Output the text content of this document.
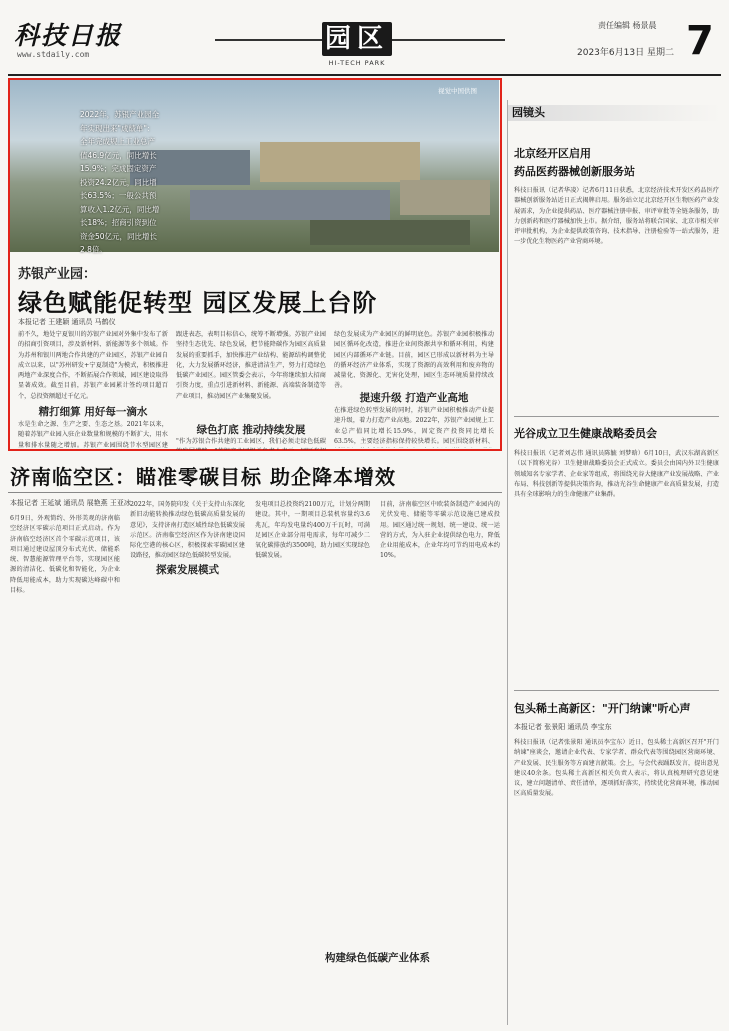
科技日报
www.stdaily.com
园区
HI-TECH PARK
责任编辑 杨景晨
2023年6月13日 星期二 7
视觉中国供图
2022年，苏银产业园全年实现出来"成绩单"：全年完成规上工业总产值46.9亿元，同比增长15.9%；完成固定资产投资24.2亿元，同比增长63.5%；一般公共预算收入1.2亿元，同比增长18%；招商引资到位资金50亿元，同比增长2.8倍。
苏银产业园：
绿色赋能促转型 园区发展上台阶
本报记者 王建颖 通讯员 马鹤仪
前不久，地处宁夏银川的苏银产业园对外集中发布了新的招商引资项目，涉及新材料、新能源等多个领域。作为苏州和银川两地合作共建的产业园区，苏银产业园自成立以来，以"苏州研发+宁夏制造"为模式，积极推进两地产业深度合作，不断拓展合作领域，园区建设取得显著成效。截至目前，苏银产业园累计签约项目超百个，总投资额超过千亿元。
精打细算 用好每一滴水
水是生命之源、生产之要、生态之基。2021年以来，随着苏银产业园入驻企业数量和规模的不断扩大，用水量和排水量随之增加。苏银产业园围绕节水型园区建
跟进表态，表明目标信心，统筹不断增强。苏银产业园坚持生态优先、绿色发展，把节能降碳作为园区高质量发展的重要抓手，加快推进产业结构、能源结构调整优化，大力发展循环经济，推进清洁生产，努力打造绿色低碳产业园区。园区管委会表示，今年将继续加大招商引资力度，重点引进新材料、新能源、高端装备制造等产业项目，推动园区产业集聚发展。
绿色打底 推动持续发展
"作为苏银合作共建的工业园区，我们必须走绿色低碳
绿色发展成为产业园区的鲜明底色。苏银产业园积极推动园区循环化改造，推进企业间资源共享和循环利用，构建园区内部循环产业链。目前，园区已形成以新材料为主导的循环经济产业体系，实现了资源的高效利用和废弃物的减量化、资源化、无害化处理，园区生态环境质量持续改善。
提速升级 打造产业高地
在推进绿色转型发展的同时，苏银产业园积极推动产业提速升级，着力打造产业高地。2022年，苏银产业园规上工业总产值同比增长15.9%，固定资产投资同比增长63.5%，主要经济指标保持较快增长。园区围绕新材料、
济南临空区：瞄准零碳目标 助企降本增效
本报记者 王延斌 通讯员 展艳燕 王亚冰
6月9日，外观简约、外形美观的济南临空经济区零碳示范项目正式启动。作为济南临空经济区首个零碳示范项目，该项目通过建设屋顶分布式光伏、储能系统、智慧能源管理平台等，实现园区能源的清洁化、低碳化和智能化，为企业降低用能成本，助力实现碳达峰碳中和目标。
2022年，国务院印发《关于支持山东深化新旧动能转换推动绿色低碳高质量发展的意见》，支持济南打造区域性绿色低碳发展示范区。济南临空经济区作为济南建设国际化空港的核心区，积极探索零碳园区建设路径，推动园区绿色低碳转型发展。
探索发展模式
发电项目总投资约2100万元，计划分两期建设。其中，一期项目总装机容量约3.6兆瓦，年均发电量约400万千瓦时，可满足园区企业部分用电需求，每年可减少二氧化碳排放约3500吨，助力园区实现绿色低碳发展。
目前，济南临空区中欧装备制造产业园内的光伏发电、储能等零碳示范设施已建成投用。园区通过统一规划、统一建设、统一运营的方式，为入驻企业提供绿色电力，降低企业用能成本，企业年均可节约用电成本约10%。
构建绿色低碳产业体系
园镜头
北京经开区启用
药品医药器械创新服务站
科技日报讯（记者华凌）记者6月11日获悉，北京经济技术开发区药品医疗器械创新服务站近日正式揭牌启用。服务站立足北京经开区生物医药产业发展需求，为企业提供药品、医疗器械注册申报、审评审批等全链条服务，助力创新药和医疗器械加快上市。据介绍，服务站将联合国家、北京市相关审评审批机构，为企业提供政策咨询、技术指导、注册检验等一站式服务，进一步优化生物医药产业营商环境。
光谷成立卫生健康战略委员会
科技日报讯（记者刘志伟 通讯员陈毓 刘梦晗）6月10日，武汉东湖高新区（以下简称光谷）卫生健康战略委员会正式成立。委员会由国内外卫生健康领域知名专家学者、企业家等组成，将围绕光谷大健康产业发展战略、产业布局、科技创新等提供决策咨询，推动光谷生命健康产业高质量发展，打造具有全球影响力的生命健康产业集群。
包头稀土高新区："开门纳谏"听心声
本报记者 张景阳 通讯员 李宝东
科技日报讯（记者张景阳 通讯员李宝东）近日，包头稀土高新区召开"开门纳谏"座谈会，邀请企业代表、专家学者、群众代表等围绕园区营商环境、产业发展、民生服务等方面建言献策。会上，与会代表踊跃发言，提出意见建议40余条。包头稀土高新区相关负责人表示，将认真梳理研究意见建议，建立问题清单、责任清单，逐项抓好落实，持续优化营商环境，推动园区高质量发展。
